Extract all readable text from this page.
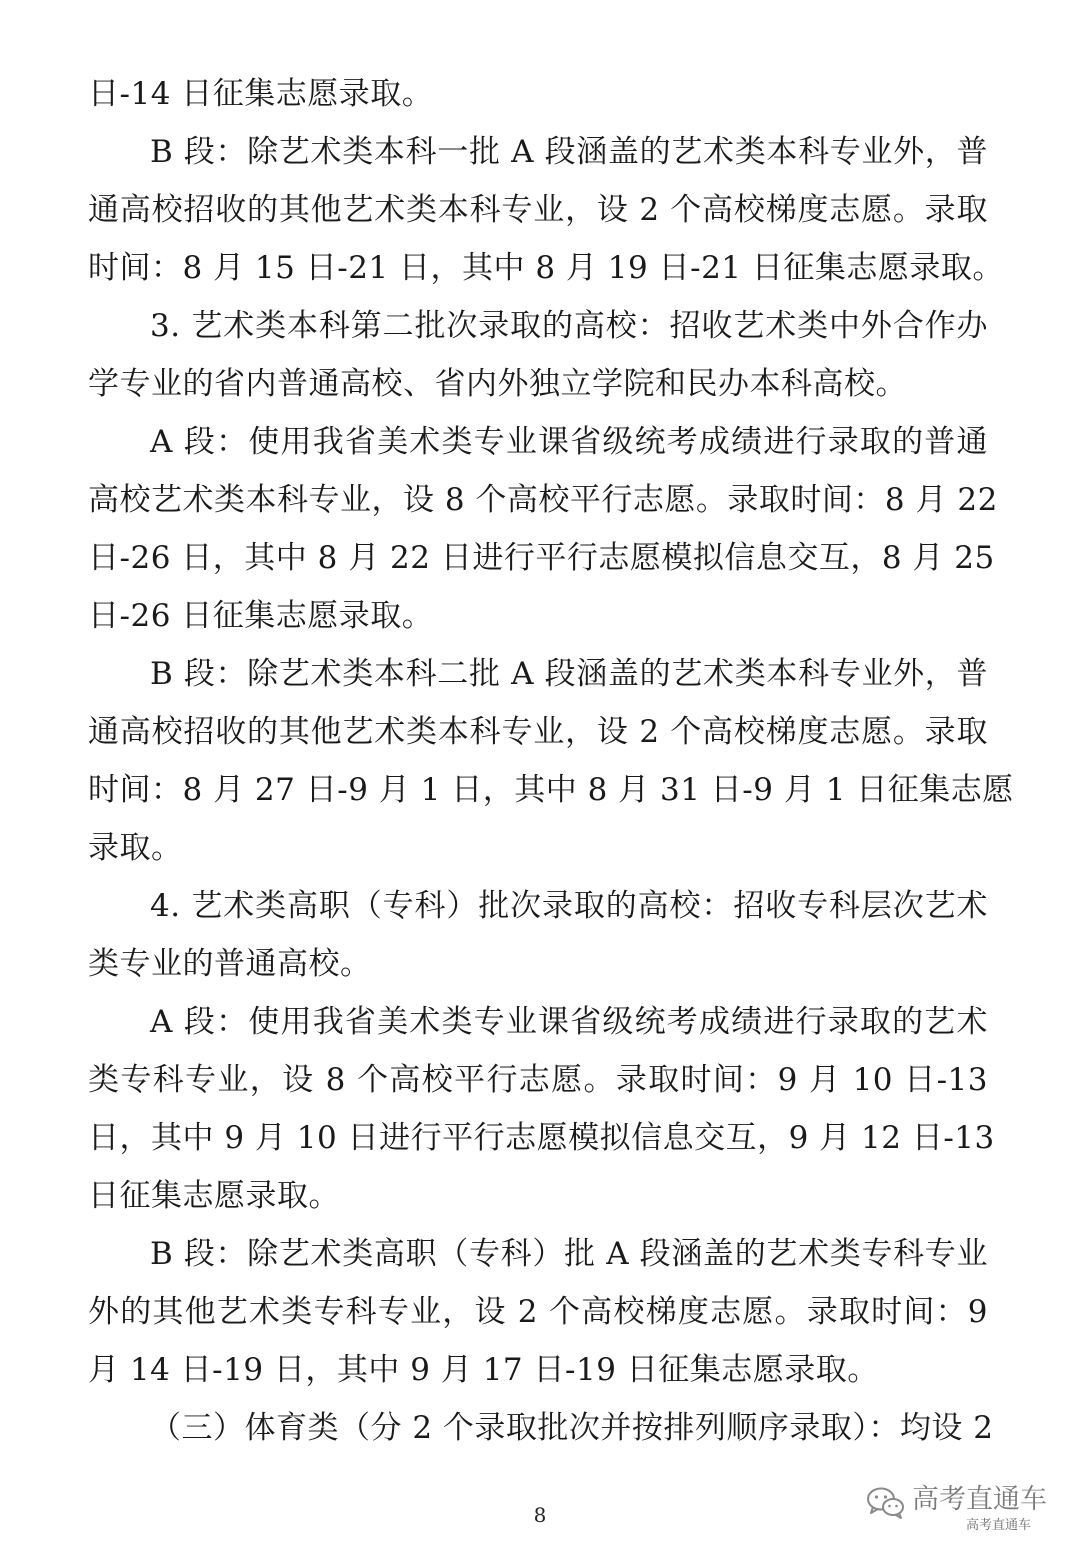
日-14 日征集志愿录取。
B 段：除艺术类本科一批 A 段涵盖的艺术类本科专业外，普
通高校招收的其他艺术类本科专业，设 2 个高校梯度志愿。录取
时间：8 月 15 日-21 日，其中 8 月 19 日-21 日征集志愿录取。
3. 艺术类本科第二批次录取的高校：招收艺术类中外合作办
学专业的省内普通高校、省内外独立学院和民办本科高校。
A 段：使用我省美术类专业课省级统考成绩进行录取的普通
高校艺术类本科专业，设 8 个高校平行志愿。录取时间：8 月 22
日-26 日，其中 8 月 22 日进行平行志愿模拟信息交互，8 月 25
日-26 日征集志愿录取。
B 段：除艺术类本科二批 A 段涵盖的艺术类本科专业外，普
通高校招收的其他艺术类本科专业，设 2 个高校梯度志愿。录取
时间：8 月 27 日-9 月 1 日，其中 8 月 31 日-9 月 1 日征集志愿
录取。
4. 艺术类高职（专科）批次录取的高校：招收专科层次艺术
类专业的普通高校。
A 段：使用我省美术类专业课省级统考成绩进行录取的艺术
类专科专业，设 8 个高校平行志愿。录取时间：9 月 10 日-13
日，其中 9 月 10 日进行平行志愿模拟信息交互，9 月 12 日-13
日征集志愿录取。
B 段：除艺术类高职（专科）批 A 段涵盖的艺术类专科专业
外的其他艺术类专科专业，设 2 个高校梯度志愿。录取时间：9
月 14 日-19 日，其中 9 月 17 日-19 日征集志愿录取。
（三）体育类（分 2 个录取批次并按排列顺序录取）：均设 2
8	高考直通车
高考直通车
